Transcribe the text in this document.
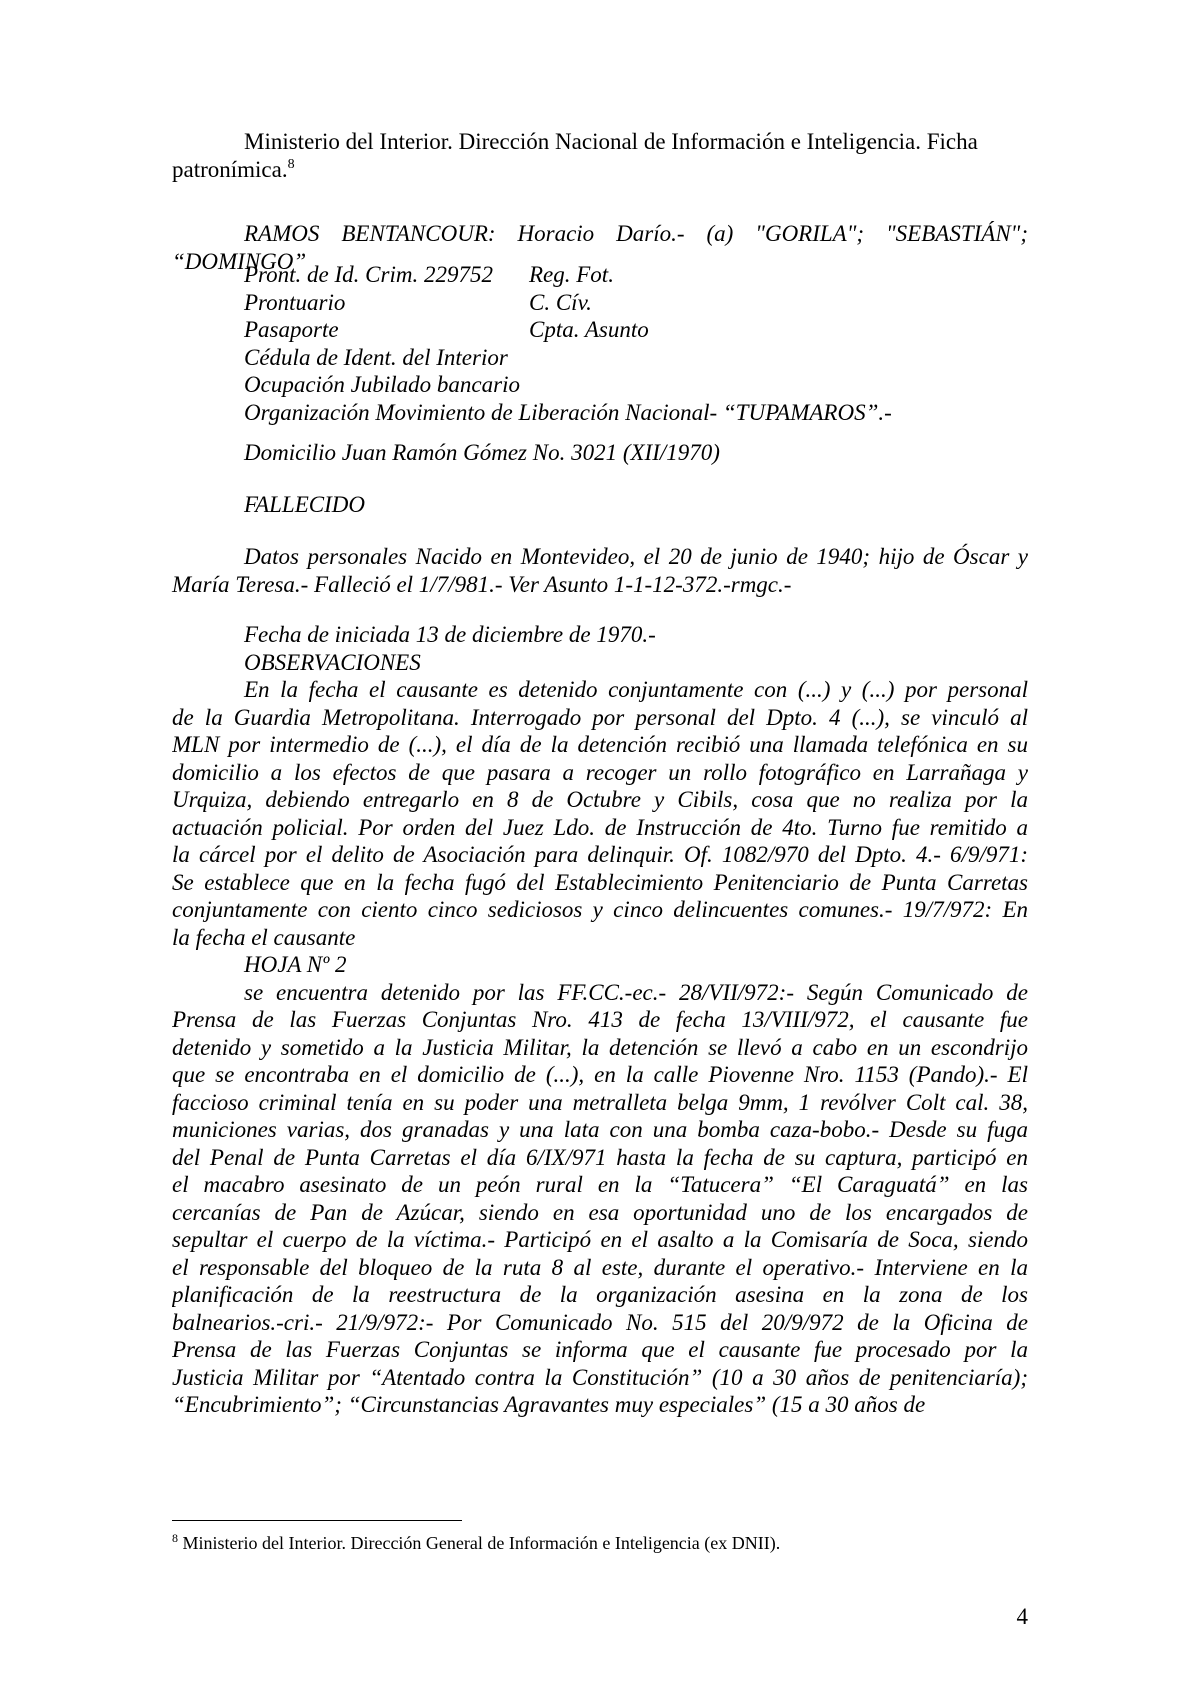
Ministerio del Interior. Dirección Nacional de Información e Inteligencia. Ficha
patronímica.$^8$
RAMOS BENTANCOUR: Horacio Darío.- (a) "GORILA"; "SEBASTIÁN";
“DOMINGO”
Pront. de Id. Crim. 229752 Reg. Fot.
Prontuario	C. Cív.
Pasaporte	Cpta. Asunto
Cédula de Ident. del Interior
Ocupación Jubilado bancario
Organización Movimiento de Liberación Nacional- “TUPAMAROS”.-
Domicilio Juan Ramón Gómez No. 3021 (XII/1970)
FALLECIDO
Datos personales Nacido en Montevideo, el 20 de junio de 1940; hijo de Óscar y
María Teresa.- Falleció el 1/7/981.- Ver Asunto 1-1-12-372.-rmgc.-
Fecha de iniciada 13 de diciembre de 1970.-
OBSERVACIONES
En la fecha el causante es detenido conjuntamente con (...) y (...) por personal
de la Guardia Metropolitana. Interrogado por personal del Dpto. 4 (...), se vinculó al
MLN por intermedio de (...), el día de la detención recibió una llamada telefónica en su
domicilio a los efectos de que pasara a recoger un rollo fotográfico en Larrañaga y
Urquiza, debiendo entregarlo en 8 de Octubre y Cibils, cosa que no realiza por la
actuación policial. Por orden del Juez Ldo. de Instrucción de 4to. Turno fue remitido a
la cárcel por el delito de Asociación para delinquir. Of. 1082/970 del Dpto. 4.- 6/9/971:
Se establece que en la fecha fugó del Establecimiento Penitenciario de Punta Carretas
conjuntamente con ciento cinco sediciosos y cinco delincuentes comunes.- 19/7/972: En
la fecha el causante
HOJA Nº 2
se encuentra detenido por las FF.CC.-ec.- 28/VII/972:- Según Comunicado de
Prensa de las Fuerzas Conjuntas Nro. 413 de fecha 13/VIII/972, el causante fue
detenido y sometido a la Justicia Militar, la detención se llevó a cabo en un escondrijo
que se encontraba en el domicilio de (...), en la calle Piovenne Nro. 1153 (Pando).- El
faccioso criminal tenía en su poder una metralleta belga 9mm, 1 revólver Colt cal. 38,
municiones varias, dos granadas y una lata con una bomba caza-bobo.- Desde su fuga
del Penal de Punta Carretas el día 6/IX/971 hasta la fecha de su captura, participó en
el macabro asesinato de un peón rural en la “Tatucera” “El Caraguatá” en las
cercanías de Pan de Azúcar, siendo en esa oportunidad uno de los encargados de
sepultar el cuerpo de la víctima.- Participó en el asalto a la Comisaría de Soca, siendo
el responsable del bloqueo de la ruta 8 al este, durante el operativo.- Interviene en la
planificación de la reestructura de la organización asesina en la zona de los
balnearios.-cri.- 21/9/972:- Por Comunicado No. 515 del 20/9/972 de la Oficina de
Prensa de las Fuerzas Conjuntas se informa que el causante fue procesado por la
Justicia Militar por “Atentado contra la Constitución” (10 a 30 años de penitenciaría);
“Encubrimiento”; “Circunstancias Agravantes muy especiales” (15 a 30 años de
$^8$ Ministerio del Interior. Dirección General de Información e Inteligencia (ex DNII).
4
